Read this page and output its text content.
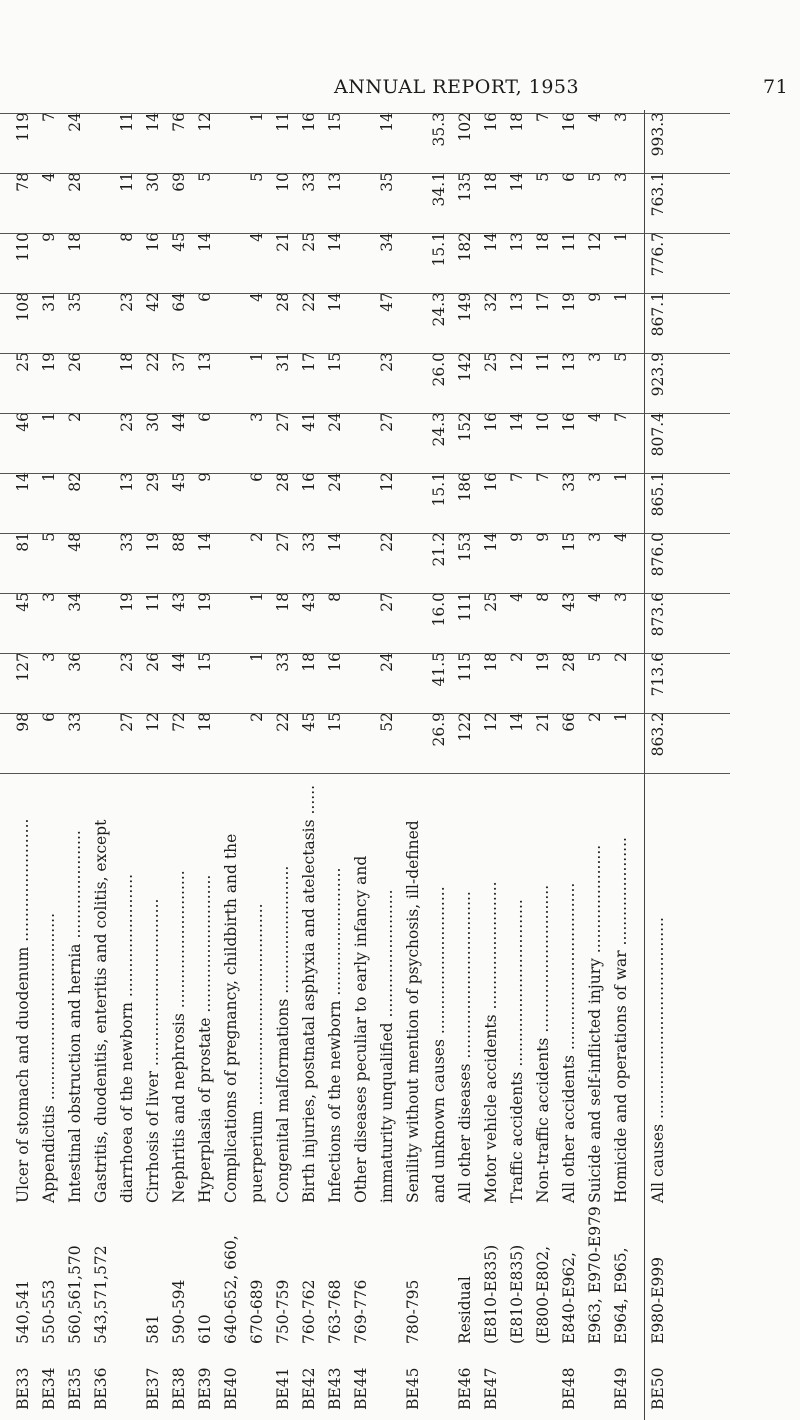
ANNUAL REPORT, 1953	71
BE33
540,541
Ulcer of stomach and duodenum .........................
98
127
45
81
14
46
25
108
110
78
119
BE34
550-553
Appendicitis ......................................
6
3
3
5
1
1
19
31
9
4
7
BE35
560,561,570
Intestinal obstruction and hernia ......................
33
36
34
48
82
2
26
35
18
28
24
BE36
543,571,572
Gastritis, duodenitis, enteritis and colitis, except diarrhoea of the newborn .........................
27
23
19
33
13
23
18
23
8
11
11
BE37
581
Cirrhosis of liver ..................................
12
26
11
19
29
30
22
42
16
30
14
BE38
590-594
Nephritis and nephrosis ............................
72
44
43
88
45
44
37
64
45
69
76
BE39
610
Hyperplasia of prostate ............................
18
15
19
14
9
6
13
6
14
5
12
BE40
640-652, 660,
Complications of pregnancy, childbirth and the
670-689
puerperium .........................................
2
1
1
2
6
3
1
4
4
5
1
BE41
750-759
Congenital malformations ..........................
22
33
18
27
28
27
31
28
21
10
11
BE42
760-762
Birth injuries, postnatal asphyxia and atelectasis ......
45
18
43
33
16
41
17
22
25
33
16
BE43
763-768
Infections of the newborn ..........................
15
16
8
14
24
24
15
14
14
13
15
BE44
769-776
Other diseases peculiar to early infancy and immaturity unqualified ..........................
52
24
27
22
12
27
23
47
34
35
14
BE45
780-795
Senility without mention of psychosis, ill-defined and unknown causes ..............................
26.9
41.5
16.0
21.2
15.1
24.3
26.0
24.3
15.1
34.1
35.3
BE46
Residual
All other diseases ..................................
122
115
111
153
186
152
142
149
182
135
102
BE47
(E810-E835)
Motor vehicle accidents ..........................
12
18
25
14
16
16
25
32
14
18
16
(E810-E835)
Traffic accidents ..................................
14
2
4
9
7
14
12
13
13
14
18
(E800-E802,
Non-traffic accidents ..............................
21
19
8
9
7
10
11
17
18
5
7
BE48
E840-E962,
All other accidents ..................................
66
28
43
15
33
16
13
19
11
6
16
E963, E970-E979
Suicide and self-inflicted injury ......................
2
5
4
3
3
4
3
9
12
5
4
BE49
E964, E965,
Homicide and operations of war ......................
1
2
3
4
1
7
5
1
1
3
3
BE50
E980-E999
All causes .........................................
863.2
713.6
873.6
876.0
865.1
807.4
923.9
867.1
776.7
763.1
993.3
